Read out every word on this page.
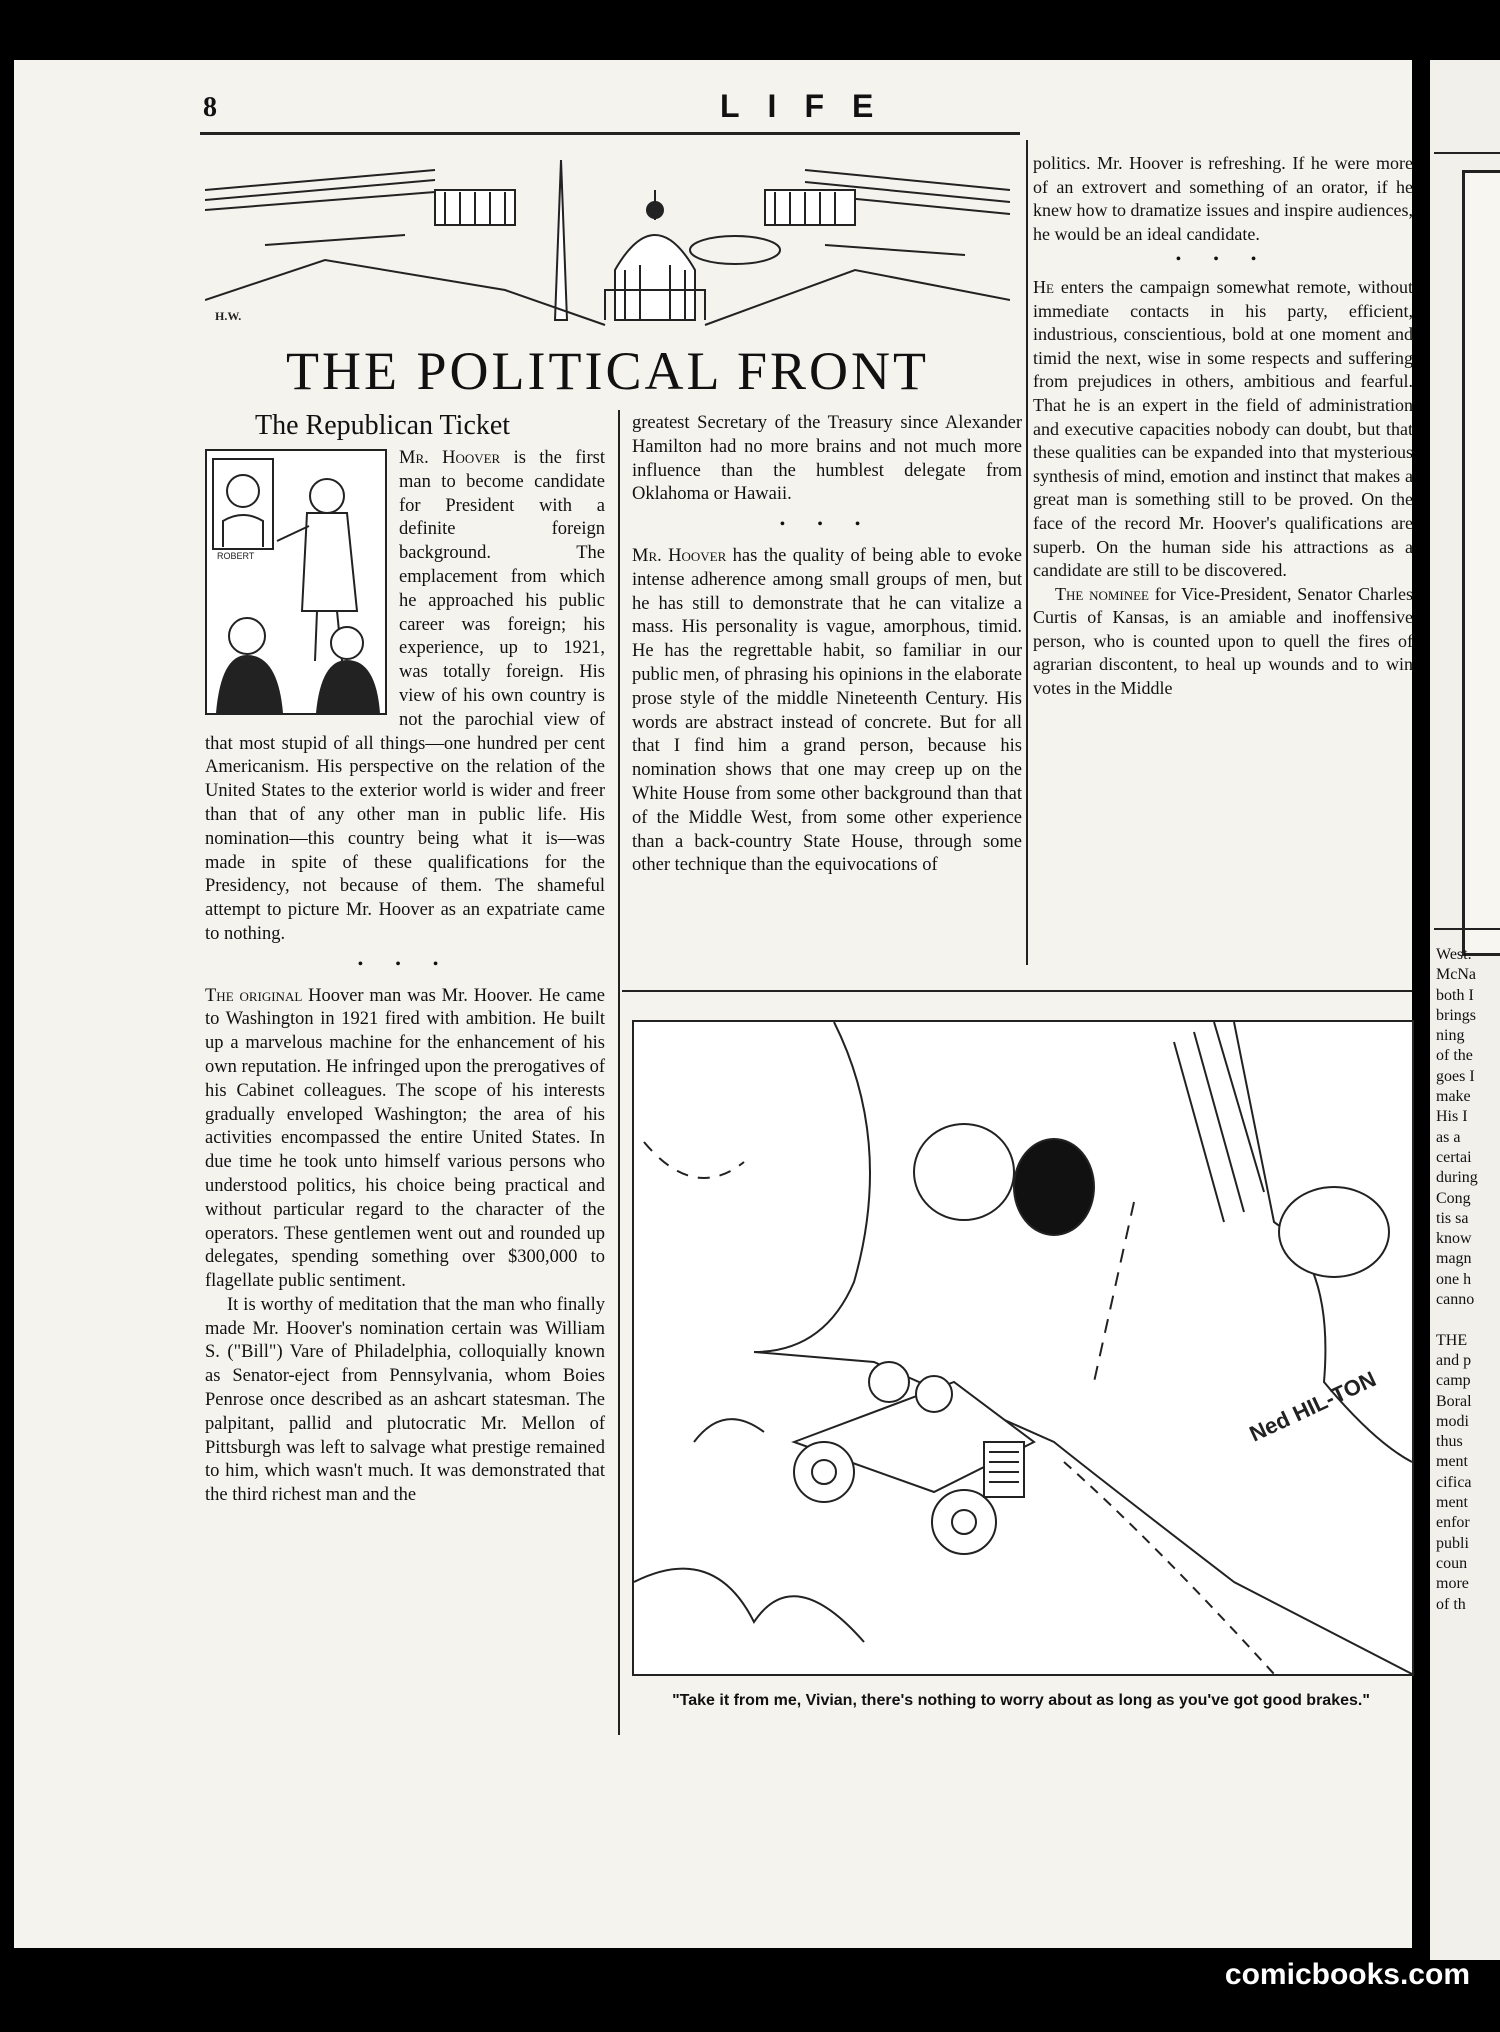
West.
McNa
both I
brings
ning
of the
goes I
make
His I
as a
certai
during
Cong
tis sa
know
magn
one h
canno

THE
and p
camp
Boral
modi
thus
ment
cifica
ment
enfor
publi
coun
more
of th
8	LIFE
H.W.
THE POLITICAL FRONT
The Republican Ticket
ROBERT

Mr. Hoover is the first man to become candidate for President with a definite foreign background. The emplacement from which he approached his public career was foreign; his experience, up to 1921, was totally foreign. His view of his own country is not the parochial view of that most stupid of all things—one hundred per cent Americanism. His perspective on the relation of the United States to the exterior world is wider and freer than that of any other man in public life. His nomination—this country being what it is—was made in spite of these qualifications for the Presidency, not because of them. The shameful attempt to picture Mr. Hoover as an expatriate came to nothing.

• • •

The original Hoover man was Mr. Hoover. He came to Washington in 1921 fired with ambition. He built up a marvelous machine for the enhancement of his own reputation. He infringed upon the prerogatives of his Cabinet colleagues. The scope of his interests gradually enveloped Washington; the area of his activities encompassed the entire United States. In due time he took unto himself various persons who understood politics, his choice being practical and without particular regard to the character of the operators. These gentlemen went out and rounded up delegates, spending something over $300,000 to flagellate public sentiment.

It is worthy of meditation that the man who finally made Mr. Hoover's nomination certain was William S. ("Bill") Vare of Philadelphia, colloquially known as Senator-eject from Pennsylvania, whom Boies Penrose once described as an ashcart statesman. The palpitant, pallid and plutocratic Mr. Mellon of Pittsburgh was left to salvage what prestige remained to him, which wasn't much. It was demonstrated that the third richest man and the

greatest Secretary of the Treasury since Alexander Hamilton had no more brains and not much more influence than the humblest delegate from Oklahoma or Hawaii.

• • •

Mr. Hoover has the quality of being able to evoke intense adherence among small groups of men, but he has still to demonstrate that he can vitalize a mass. His personality is vague, amorphous, timid. He has the regrettable habit, so familiar in our public men, of phrasing his opinions in the elaborate prose style of the middle Nineteenth Century. His words are abstract instead of concrete. But for all that I find him a grand person, because his nomination shows that one may creep up on the White House from some other background than that of the Middle West, from some other experience than a back-country State House, through some other technique than the equivocations of

politics. Mr. Hoover is refreshing. If he were more of an extrovert and something of an orator, if he knew how to dramatize issues and inspire audiences, he would be an ideal candidate.

• • •

He enters the campaign somewhat remote, without immediate contacts in his party, efficient, industrious, conscientious, bold at one moment and timid the next, wise in some respects and suffering from prejudices in others, ambitious and fearful. That he is an expert in the field of administration and executive capacities nobody can doubt, but that these qualities can be expanded into that mysterious synthesis of mind, emotion and instinct that makes a great man is something still to be proved. On the face of the record Mr. Hoover's qualifications are superb. On the human side his attractions as a candidate are still to be discovered.

The nominee for Vice-President, Senator Charles Curtis of Kansas, is an amiable and inoffensive person, who is counted upon to quell the fires of agrarian discontent, to heal up wounds and to win votes in the Middle

Ned HIL-TON
"Take it from me, Vivian, there's nothing to worry about as long as you've got good brakes."
comicbooks.com
